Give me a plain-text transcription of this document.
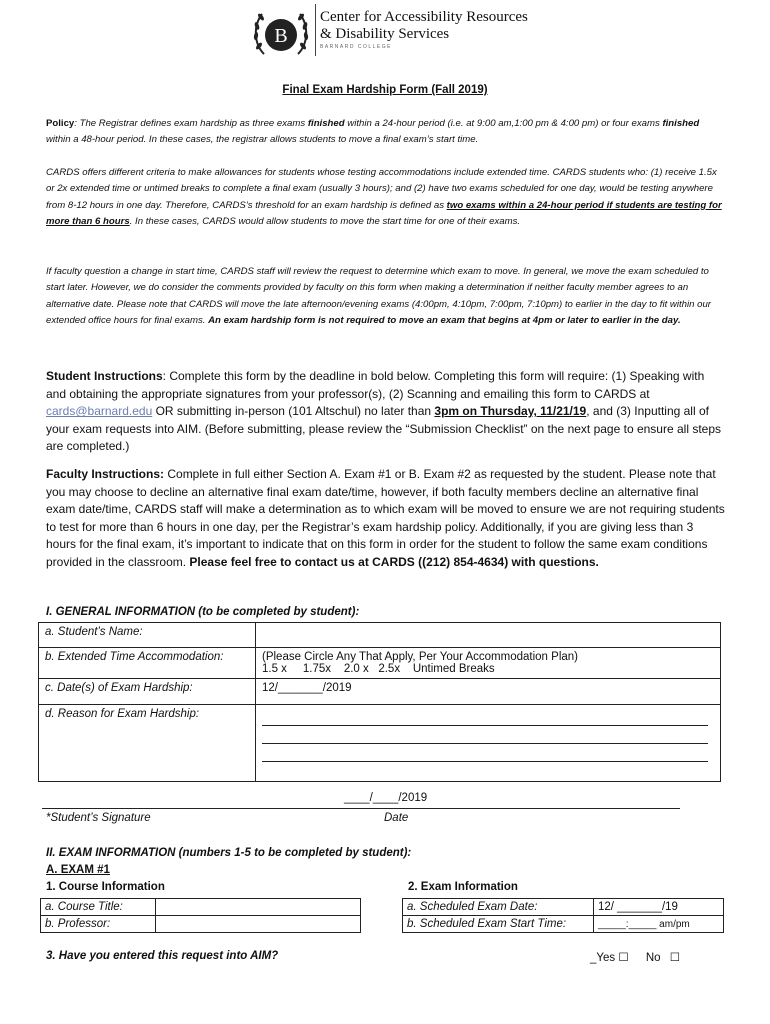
B
Center for Accessibility Resources
& Disability Services
BARNARD COLLEGE
Final Exam Hardship Form (Fall 2019)
Policy: The Registrar defines exam hardship as three exams finished within a 24-hour period (i.e. at 9:00 am,1:00 pm & 4:00 pm) or four exams finished within a 48-hour period. In these cases, the registrar allows students to move a final exam’s start time.
CARDS offers different criteria to make allowances for students whose testing accommodations include extended time. CARDS students who: (1) receive 1.5x or 2x extended time or untimed breaks to complete a final exam (usually 3 hours); and (2) have two exams scheduled for one day, would be testing anywhere from 8-12 hours in one day. Therefore, CARDS’s threshold for an exam hardship is defined as two exams within a 24-hour period if students are testing for more than 6 hours. In these cases, CARDS would allow students to move the start time for one of their exams.
If faculty question a change in start time, CARDS staff will review the request to determine which exam to move. In general, we move the exam scheduled to start later. However, we do consider the comments provided by faculty on this form when making a determination if neither faculty member agrees to an alternative date. Please note that CARDS will move the late afternoon/evening exams (4:00pm, 4:10pm, 7:00pm, 7:10pm) to earlier in the day to fit within our extended office hours for final exams. An exam hardship form is not required to move an exam that begins at 4pm or later to earlier in the day.
Student Instructions: Complete this form by the deadline in bold below. Completing this form will require: (1) Speaking with and obtaining the appropriate signatures from your professor(s), (2) Scanning and emailing this form to CARDS at cards@barnard.edu OR submitting in-person (101 Altschul) no later than 3pm on Thursday, 11/21/19, and (3) Inputting all of your exam requests into AIM. (Before submitting, please review the “Submission Checklist” on the next page to ensure all steps are completed.)
Faculty Instructions: Complete in full either Section A. Exam #1 or B. Exam #2 as requested by the student. Please note that you may choose to decline an alternative final exam date/time, however, if both faculty members decline an alternative final exam date/time, CARDS staff will make a determination as to which exam will be moved to ensure we are not requiring students to test for more than 6 hours in one day, per the Registrar’s exam hardship policy. Additionally, if you are giving less than 3 hours for the final exam, it’s important to indicate that on this form in order for the student to follow the same exam conditions provided in the classroom. Please feel free to contact us at CARDS ((212) 854-4634) with questions.
I. GENERAL INFORMATION (to be completed by student):
a. Student’s Name:	
b. Extended Time Accommodation:	(Please Circle Any That Apply, Per Your Accommodation Plan)
1.5 x     1.75x    2.0 x   2.5x    Untimed Breaks

c. Date(s) of Exam Hardship:	12/_______/2019
d. Reason for Exam Hardship:	
____/____/2019
*Student’s Signature	Date
II. EXAM INFORMATION (numbers 1-5 to be completed by student):
A. EXAM #1
1. Course Information	2. Exam Information
a. Course Title:	
b. Professor:	
a. Scheduled Exam Date:	12/ _______/19
b. Scheduled Exam Start Time:	_____:_____ am/pm
3. Have you entered this request into AIM?	_Yes ☐ No ☐
